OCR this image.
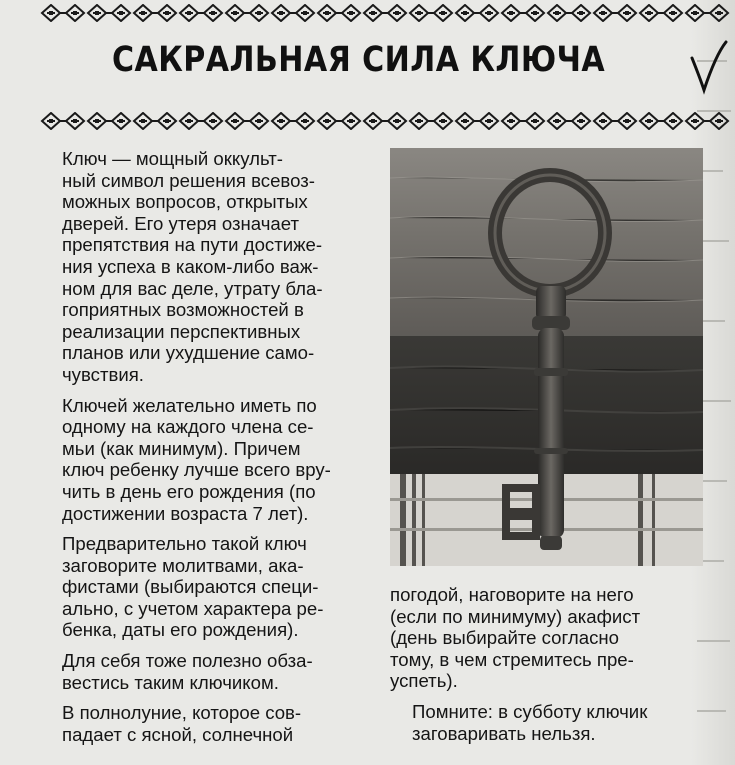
САКРАЛЬНАЯ СИЛА КЛЮЧА

Ключ — мощный оккульт-
ный символ решения всевоз-
можных вопросов, открытых
дверей. Его утеря означает
препятствия на пути достиже-
ния успеха в каком-либо важ-
ном для вас деле, утрату бла-
гоприятных возможностей в
реализации перспективных
планов или ухудшение само-
чувствия.

Ключей желательно иметь по
одному на каждого члена се-
мьи (как минимум). Причем
ключ ребенку лучше всего вру-
чить в день его рождения (по
достижении возраста 7 лет).

Предварительно такой ключ
заговорите молитвами, ака-
фистами (выбираются специ-
ально, с учетом характера ре-
бенка, даты его рождения).

Для себя тоже полезно обза-
вестись таким ключиком.

В полнолуние, которое сов-
падает с ясной, солнечной

погодой, наговорите на него
(если по минимуму) акафист
(день выбирайте согласно
тому, в чем стремитесь пре-
успеть).

Помните: в субботу ключик
заговаривать нельзя.
